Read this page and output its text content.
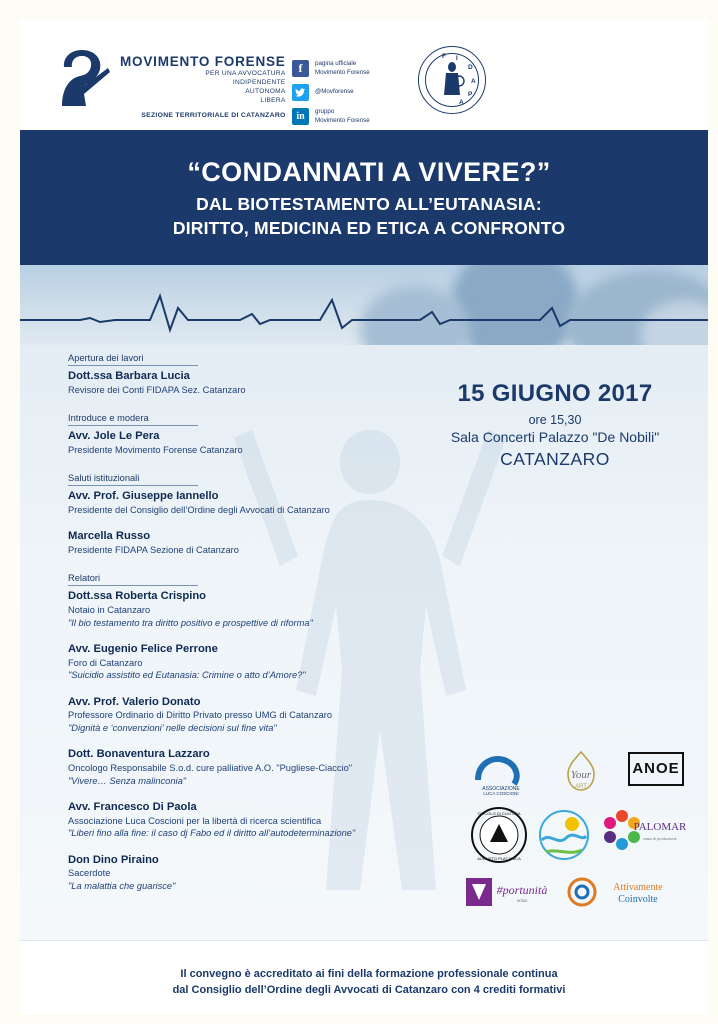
MOVIMENTO FORENSE
PER UNA AVVOCATURA
INDIPENDENTE
AUTONOMA
LIBERA
SEZIONE TERRITORIALE DI CATANZARO
f	pagina ufficiale
Movimento Forense
@Movforense
in	gruppo
Movimento Forense
F I
D
A
P
A
“CONDANNATI A VIVERE?”
DAL BIOTESTAMENTO ALL’EUTANASIA:
DIRITTO, MEDICINA ED ETICA A CONFRONTO
Apertura dei lavori
Dott.ssa Barbara Lucia
Revisore dei Conti FIDAPA Sez. Catanzaro
Introduce e modera
Avv. Jole Le Pera
Presidente Movimento Forense Catanzaro
Saluti istituzionali
Avv. Prof. Giuseppe Iannello
Presidente del Consiglio dell’Ordine degli Avvocati di Catanzaro
Marcella Russo
Presidente FIDAPA Sezione di Catanzaro
Relatori
Dott.ssa Roberta Crispino
Notaio in Catanzaro
"Il bio testamento tra diritto positivo e prospettive di riforma"
Avv. Eugenio Felice Perrone
Foro di Catanzaro
"Suicidio assistito ed Eutanasia: Crimine o atto d’Amore?"
Avv. Prof. Valerio Donato
Professore Ordinario di Diritto Privato presso UMG di Catanzaro
"Dignità e ‘convenzioni’ nelle decisioni sul fine vita"
Dott. Bonaventura Lazzaro
Oncologo Responsabile S.o.d. cure palliative A.O. "Pugliese-Ciaccio"
"Vivere… Senza malinconia"
Avv. Francesco Di Paola
Associazione Luca Coscioni per la libertà di ricerca scientifica
"Liberi fino alla fine: il caso dj Fabo ed il diritto all’autodeterminazione"
Don Dino Piraino
Sacerdote
"La malattia che guarisce"
15 GIUGNO 2017
ore 15,30
Sala Concerti Palazzo "De Nobili"
CATANZARO
ASSOCIAZIONE
LUCA COSCIONI
Your
ART
ANOE
CIRCOLO DI CULTURA
AUGUSTO PLACANICA
PALOMAR
casa di produzione
#portunità
onlus
Attivamente
Coinvolte
Il convegno è accreditato ai fini della formazione professionale continua
dal Consiglio dell’Ordine degli Avvocati di Catanzaro con 4 crediti formativi
